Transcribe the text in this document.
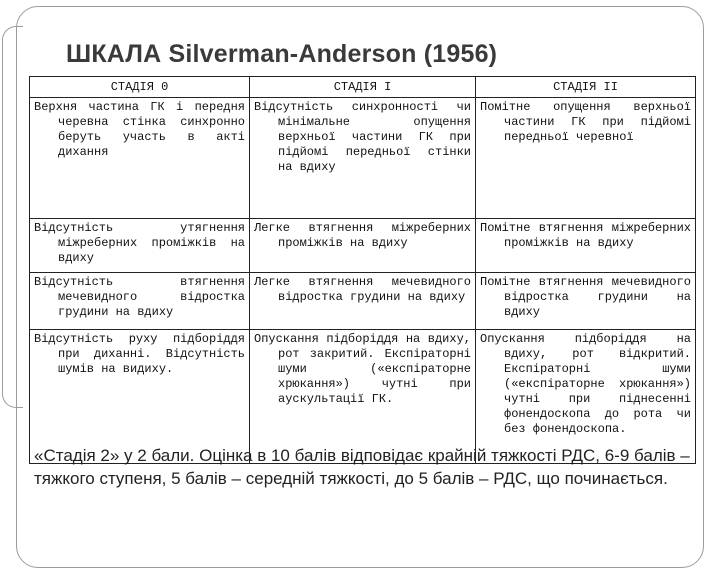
ШКАЛА Silverman-Anderson (1956)
СТАДІЯ 0	СТАДІЯ I	СТАДІЯ II

Верхня частина ГК і передня черевна стінка синхронно беруть участь в акті дихання	Відсутність синхронності чи мінімальне опущення верхньої частини ГК при підйомі передньої стінки на вдиху	Помітне опущення верхньої частини ГК при підйомі передньої черевної

Відсутність утягнення міжреберних проміжків на вдиху	Легке втягнення міжреберних проміжків на вдиху	Помітне втягнення міжреберних проміжків на вдиху

Відсутність втягнення мечевидного відростка грудини на вдиху	Легке втягнення мечевидного відростка грудини на вдиху	Помітне втягнення мечевидного відростка грудини на вдиху

Відсутність руху підборіддя при диханні. Відсутність шумів на видиху.	Опускання підборіддя на вдиху, рот закритий. Експіраторні шуми («експіраторне хрюкання») чутні при аускультації ГК.	Опускання підборіддя на вдиху, рот відкритий. Експіраторні шуми («експіраторне хрюкання») чутні при піднесенні фонендоскопа до рота чи без фонендоскопа.

«Стадія 2» у 2 бали. Оцінка в 10 балів відповідає крайній тяжкості РДС, 6-9 балів – тяжкого ступеня, 5 балів – середній тяжкості, до 5 балів – РДС, що починається.
